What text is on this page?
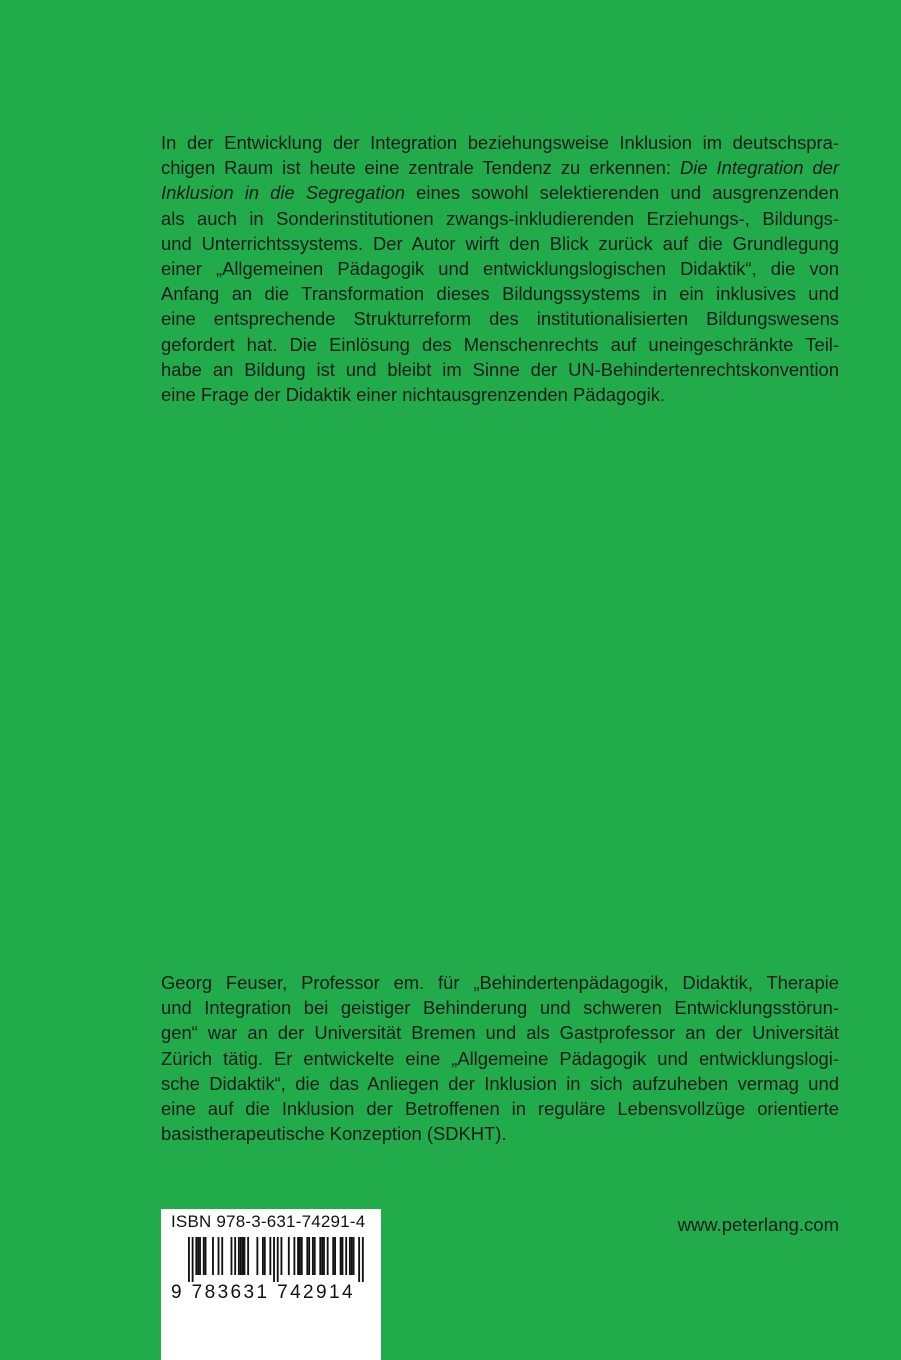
In der Entwicklung der Integration beziehungsweise Inklusion im deutschspra-
chigen Raum ist heute eine zentrale Tendenz zu erkennen: Die Integration der
Inklusion in die Segregation eines sowohl selektierenden und ausgrenzenden
als auch in Sonderinstitutionen zwangs-inkludierenden Erziehungs-, Bildungs-
und Unterrichtssystems. Der Autor wirft den Blick zurück auf die Grundlegung
einer „Allgemeinen Pädagogik und entwicklungslogischen Didaktik“, die von
Anfang an die Transformation dieses Bildungssystems in ein inklusives und
eine entsprechende Strukturreform des institutionalisierten Bildungswesens
gefordert hat. Die Einlösung des Menschenrechts auf uneingeschränkte Teil-
habe an Bildung ist und bleibt im Sinne der UN-Behindertenrechtskonvention
eine Frage der Didaktik einer nichtausgrenzenden Pädagogik.
Georg Feuser, Professor em. für „Behindertenpädagogik, Didaktik, Therapie
und Integration bei geistiger Behinderung und schweren Entwicklungsstörun-
gen“ war an der Universität Bremen und als Gastprofessor an der Universität
Zürich tätig. Er entwickelte eine „Allgemeine Pädagogik und entwicklungslogi-
sche Didaktik“, die das Anliegen der Inklusion in sich aufzuheben vermag und
eine auf die Inklusion der Betroffenen in reguläre Lebensvollzüge orientierte
basistherapeutische Konzeption (SDKHT).
ISBN 978-3-631-74291-4
9 783631 742914
www.peterlang.com
